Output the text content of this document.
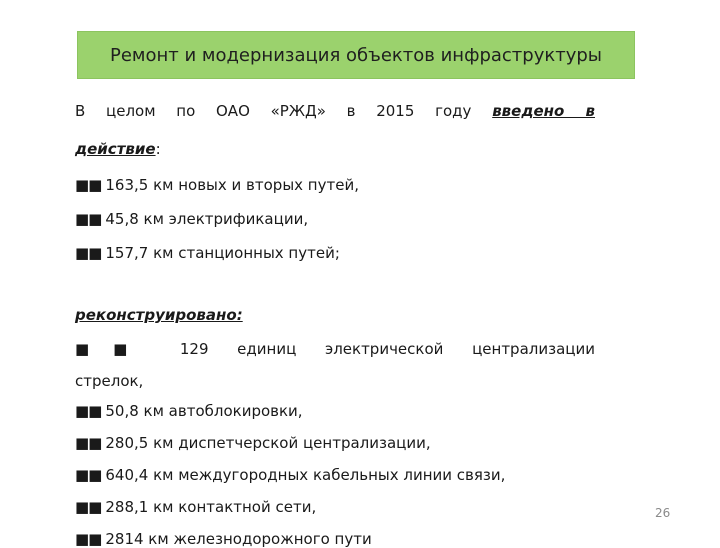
Ремонт и модернизация объектов инфраструктуры
В целом по ОАО «РЖД» в 2015 году введено в
действие:
■■ 163,5 км новых и вторых путей,
■■ 45,8 км электрификации,
■■ 157,7 км станционных путей;
реконструировано:
■■ 129 единиц электрической централизации
стрелок,
■■ 50,8 км автоблокировки,
■■ 280,5 км диспетчерской централизации,
■■ 640,4 км междугородных кабельных линии связи,
■■ 288,1 км контактной сети,
■■ 2814 км железнодорожного пути
26
